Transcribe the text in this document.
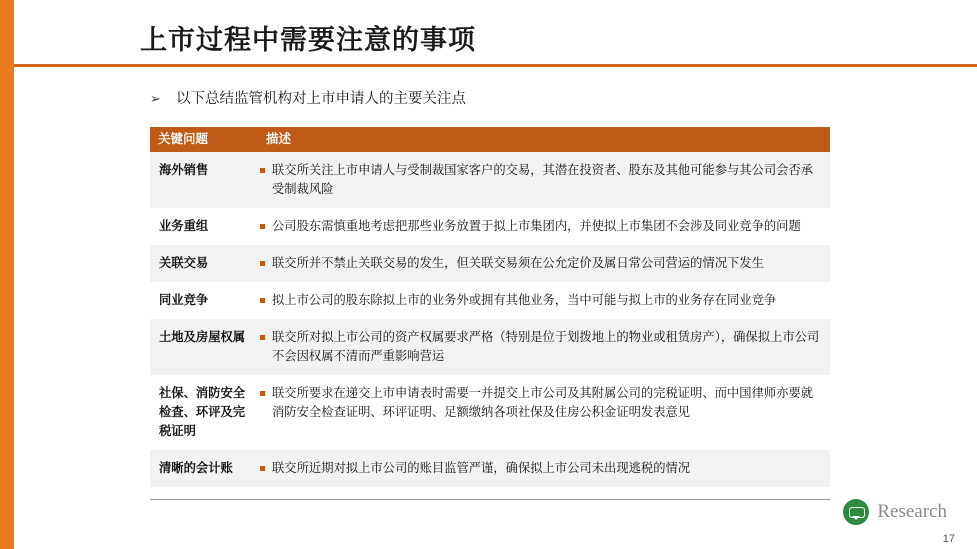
上市过程中需要注意的事项
➢ 以下总结监管机构对上市申请人的主要关注点
关键问题	描述
海外销售	联交所关注上市申请人与受制裁国家客户的交易，其潜在投资者、股东及其他可能参与其公司会否承受制裁风险

业务重组	公司股东需慎重地考虑把那些业务放置于拟上市集团内，并使拟上市集团不会涉及同业竞争的问题

关联交易	联交所并不禁止关联交易的发生，但关联交易须在公允定价及属日常公司营运的情况下发生

同业竞争	拟上市公司的股东除拟上市的业务外或拥有其他业务，当中可能与拟上市的业务存在同业竞争

土地及房屋权属	联交所对拟上市公司的资产权属要求严格（特别是位于划拨地上的物业或租赁房产），确保拟上市公司不会因权属不清而严重影响营运

社保、消防安全检查、环评及完税证明	联交所要求在递交上市申请表时需要一并提交上市公司及其附属公司的完税证明、而中国律师亦要就消防安全检查证明、环评证明、足额缴纳各项社保及住房公积金证明发表意见

清晰的会计账	联交所近期对拟上市公司的账目监管严谨，确保拟上市公司未出现逃税的情况
Research
17
